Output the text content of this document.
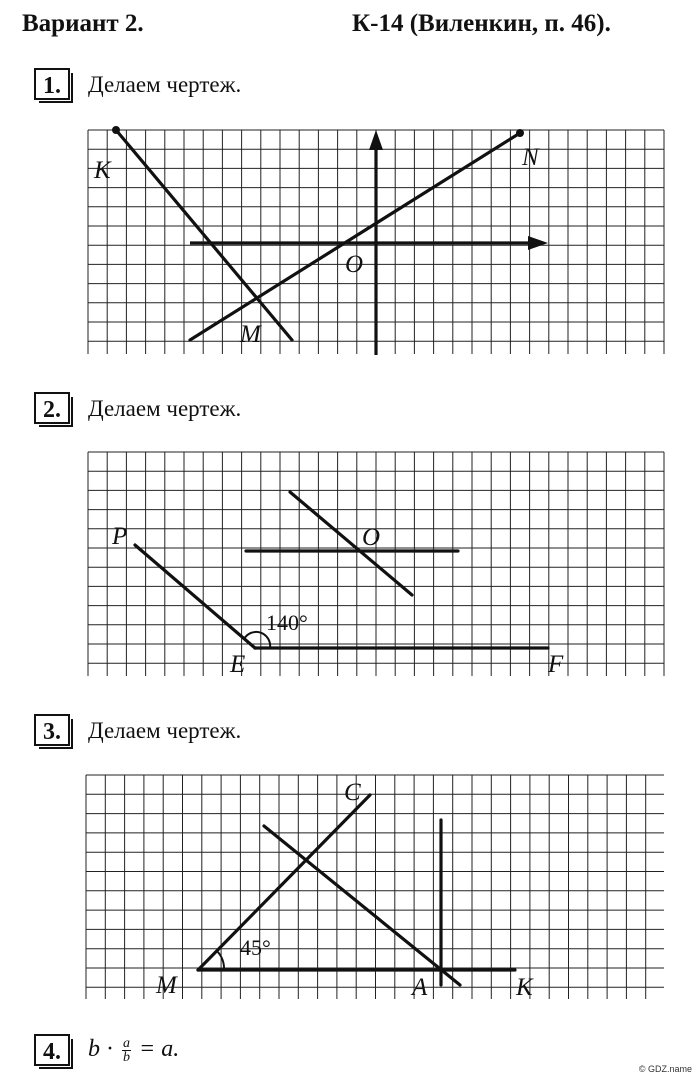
Вариант 2.	К-14 (Виленкин, п. 46).
1.	Делаем чертеж.
K	N
O
M
P	O
E	F
140°
C
M	A	K
45°
2.	Делаем чертеж.
3.	Делаем чертеж.
4.	$b \cdot \frac{a}{b} = a$.
© GDZ.name
